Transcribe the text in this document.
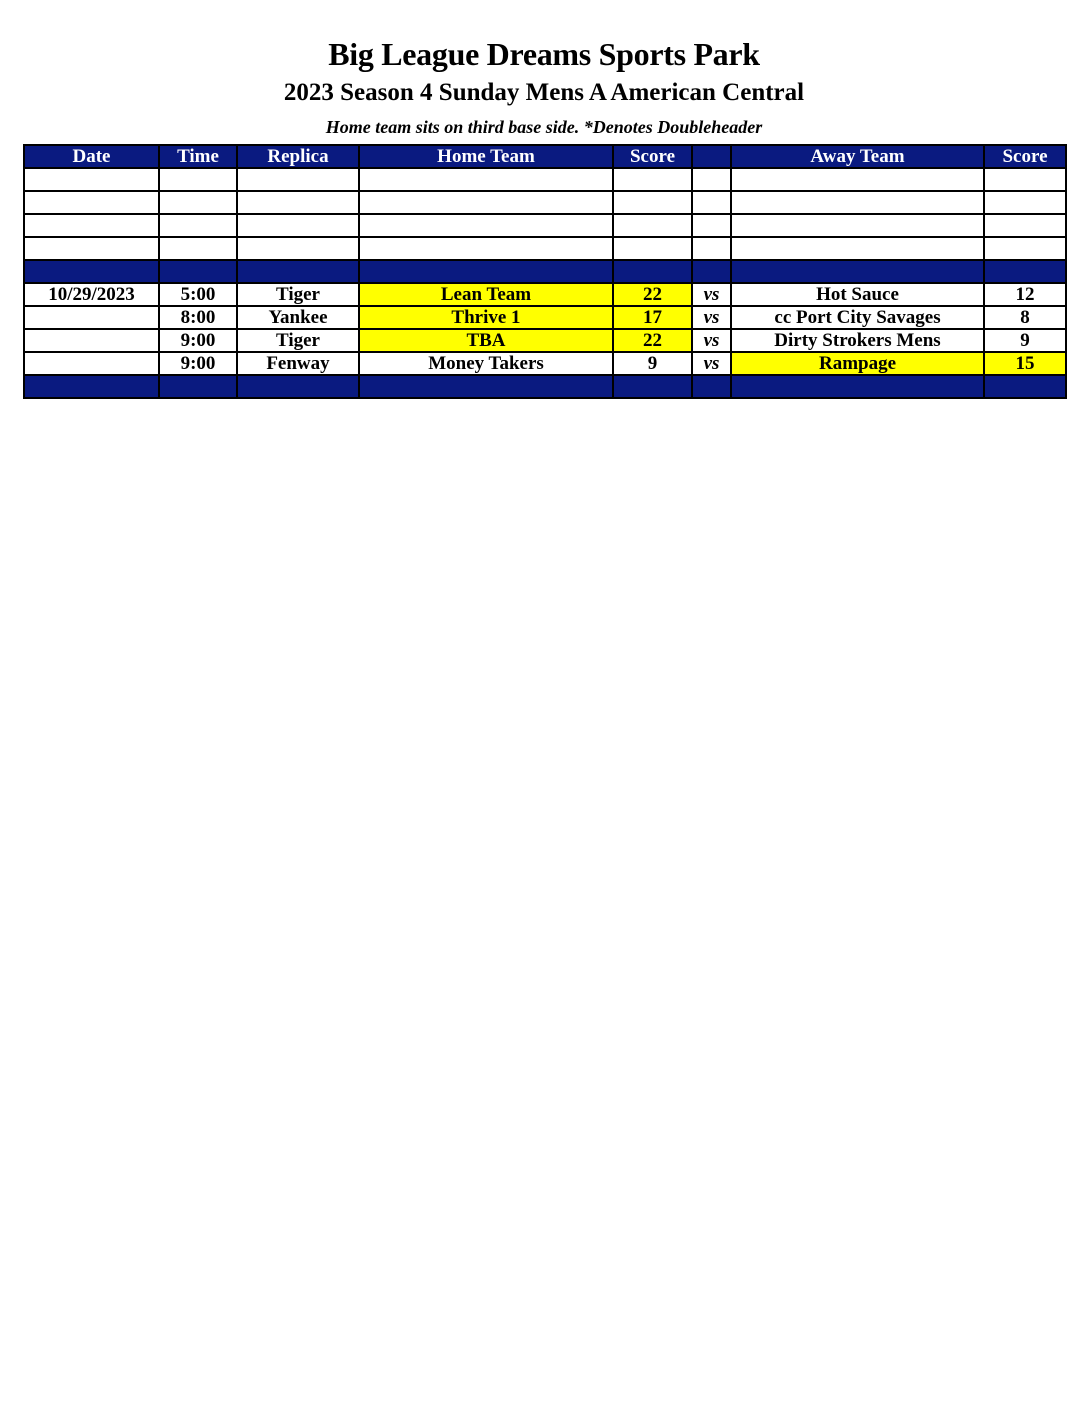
Big League Dreams Sports Park
2023 Season 4 Sunday Mens A American Central
Home team sits on third base side. *Denotes Doubleheader
Date	Time	Replica	Home Team	Score		Away Team	Score

10/29/2023	5:00	Tiger	Lean Team	22	vs	Hot Sauce	12
	8:00	Yankee	Thrive 1	17	vs	cc Port City Savages	8
	9:00	Tiger	TBA	22	vs	Dirty Strokers Mens	9
	9:00	Fenway	Money Takers	9	vs	Rampage	15
